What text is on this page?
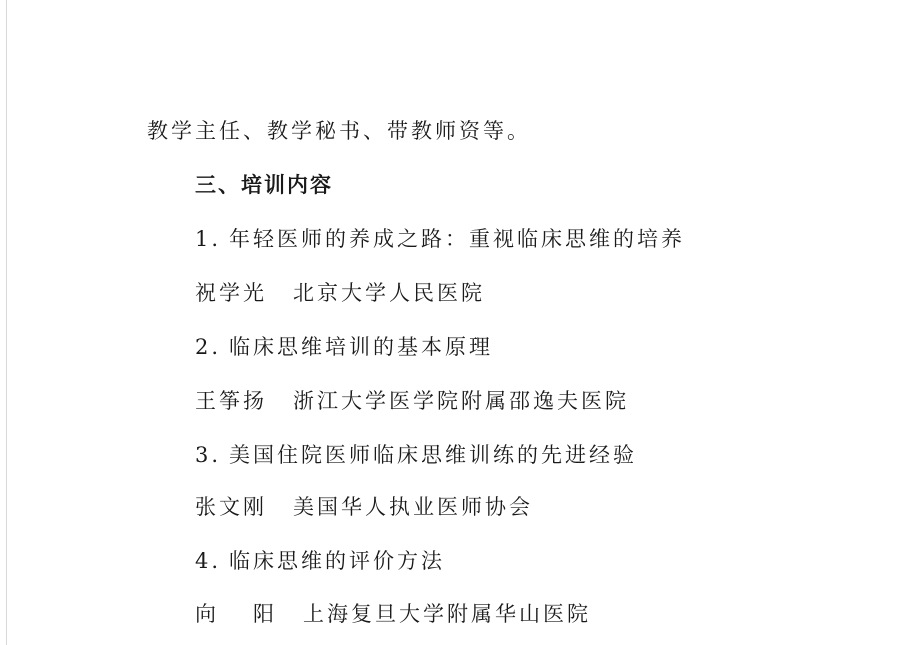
教学主任、教学秘书、带教师资等。
三、培训内容
1. 年轻医师的养成之路：重视临床思维的培养
祝学光 北京大学人民医院
2. 临床思维培训的基本原理
王筝扬 浙江大学医学院附属邵逸夫医院
3. 美国住院医师临床思维训练的先进经验
张文刚 美国华人执业医师协会
4. 临床思维的评价方法
向 阳 上海复旦大学附属华山医院
